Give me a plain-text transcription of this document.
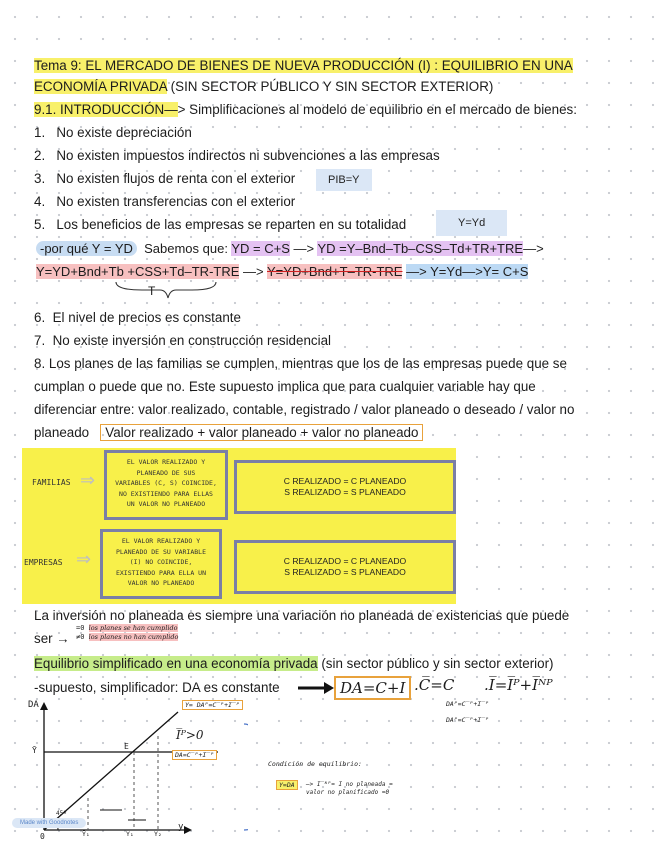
Tema 9: EL MERCADO DE BIENES DE NUEVA PRODUCCIÓN (I) : EQUILIBRIO EN UNA
ECONOMÍA PRIVADA (SIN SECTOR PÚBLICO Y SIN SECTOR EXTERIOR)
9.1. INTRODUCCIÓN—> Simplificaciones al modelo de equilibrio en el mercado de bienes:
1. No existe depreciación
2. No existen impuestos indirectos ni subvenciones a las empresas
3. No existen flujos de renta con el exterior	PIB=Y
4. No existen transferencias con el exterior
5. Los beneficios de las empresas se reparten en su totalidad	Y=Yd
-por qué Y = YD Sabemos que: YD = C+S —> YD =Y–Bnd–Tb–CSS–Td+TR+TRE—>
Y=YD+Bnd+Tb +CSS+Td–TR-TRE —> Y=YD+Bnd+T–TR-TRE —> Y=Yd—>Y= C+S
T
6. El nivel de precios es constante
7. No existe inversión en construcción residencial
8. Los planes de las familias se cumplen, mientras que los de las empresas puede que se
cumplan o puede que no. Este supuesto implica que para cualquier variable hay que
diferenciar entre: valor realizado, contable, registrado / valor planeado o deseado / valor no
planeado Valor realizado + valor planeado + valor no planeado
FAMILIAS ⇒
EL VALOR REALIZADO Y
PLANEADO DE SUS
VARIABLES (C, S) COINCIDE,
NO EXISTIENDO PARA ELLAS
UN VALOR NO PLANEADO
C REALIZADO = C PLANEADO
S REALIZADO = S PLANEADO
EMPRESAS ⇒
EL VALOR REALIZADO Y
PLANEADO DE SU VARIABLE
(I) NO COINCIDE,
EXISTIENDO PARA ELLA UN
VALOR NO PLANEADO
C REALIZADO = C PLANEADO
S REALIZADO = S PLANEADO
La inversión no planeada es siempre una variación no planeada de existencias que puede
ser →
=0 los planes se han cumplido
≠0 los planes no han cumplido
Equilibrio simplificado en una economía privada (sin sector público y sin sector exterior)
-supuesto, simplificador: DA es constante	DA=C+I .C̅=C .I̅=I̅ᴾ+I̅ᴺᴾ
DAᴾ=C̅ᴾ+I̅ᴾ
DAᴾ=C̅ᴾ+I̅ᴾ
DA
y
0
Ȳ	E
45º
Y= DAᴾ=C̅ᴾ+I̅ᴾ
I̅ᴾ>0
DA=C̅ᴾ+I̅ᴾ
Ȳ₁	Y₁	Y₂
Condición de equilibrio:
Y=DA	—> I̅ᴺᴾ= I no planeada = valor no planificado =0
Made with Goodnotes
